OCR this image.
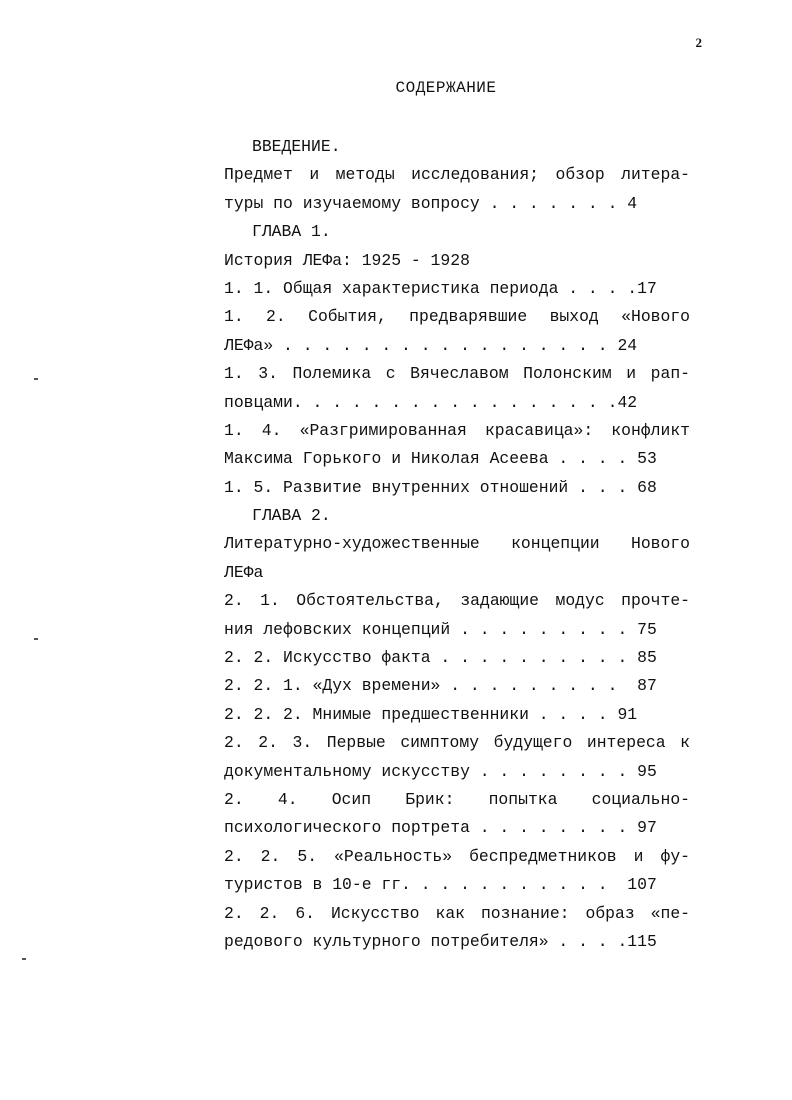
2
СОДЕРЖАНИЕ
ВВЕДЕНИЕ.
Предмет и методы исследования; обзор литера-
туры по изучаемому вопросу . . . . . . . 4
ГЛАВА 1.
История ЛЕФа: 1925 - 1928
1. 1. Общая характеристика периода . . . .17
1. 2. События, предварявшие выход «Нового
ЛЕФа» . . . . . . . . . . . . . . . . . 24
1. 3. Полемика с Вячеславом Полонским и рап-
повцами. . . . . . . . . . . . . . . . .42
1. 4. «Разгримированная красавица»: конфликт
Максима Горького и Николая Асеева . . . . 53
1. 5. Развитие внутренних отношений . . . 68
ГЛАВА 2.
Литературно-художественные концепции Нового
ЛЕФа
2. 1. Обстоятельства, задающие модус прочте-
ния лефовских концепций . . . . . . . . . 75
2. 2. Искусство факта . . . . . . . . . . 85
2. 2. 1. «Дух времени» . . . . . . . . .  87
2. 2. 2. Мнимые предшественники . . . . 91
2. 2. 3. Первые симптому будущего интереса к
документальному искусству . . . . . . . . 95
2. 4. Осип Брик: попытка социально-
психологического портрета . . . . . . . . 97
2. 2. 5. «Реальность» беспредметников и фу-
туристов в 10-е гг. . . . . . . . . . .  107
2. 2. 6. Искусство как познание: образ «пе-
редового культурного потребителя» . . . .115
